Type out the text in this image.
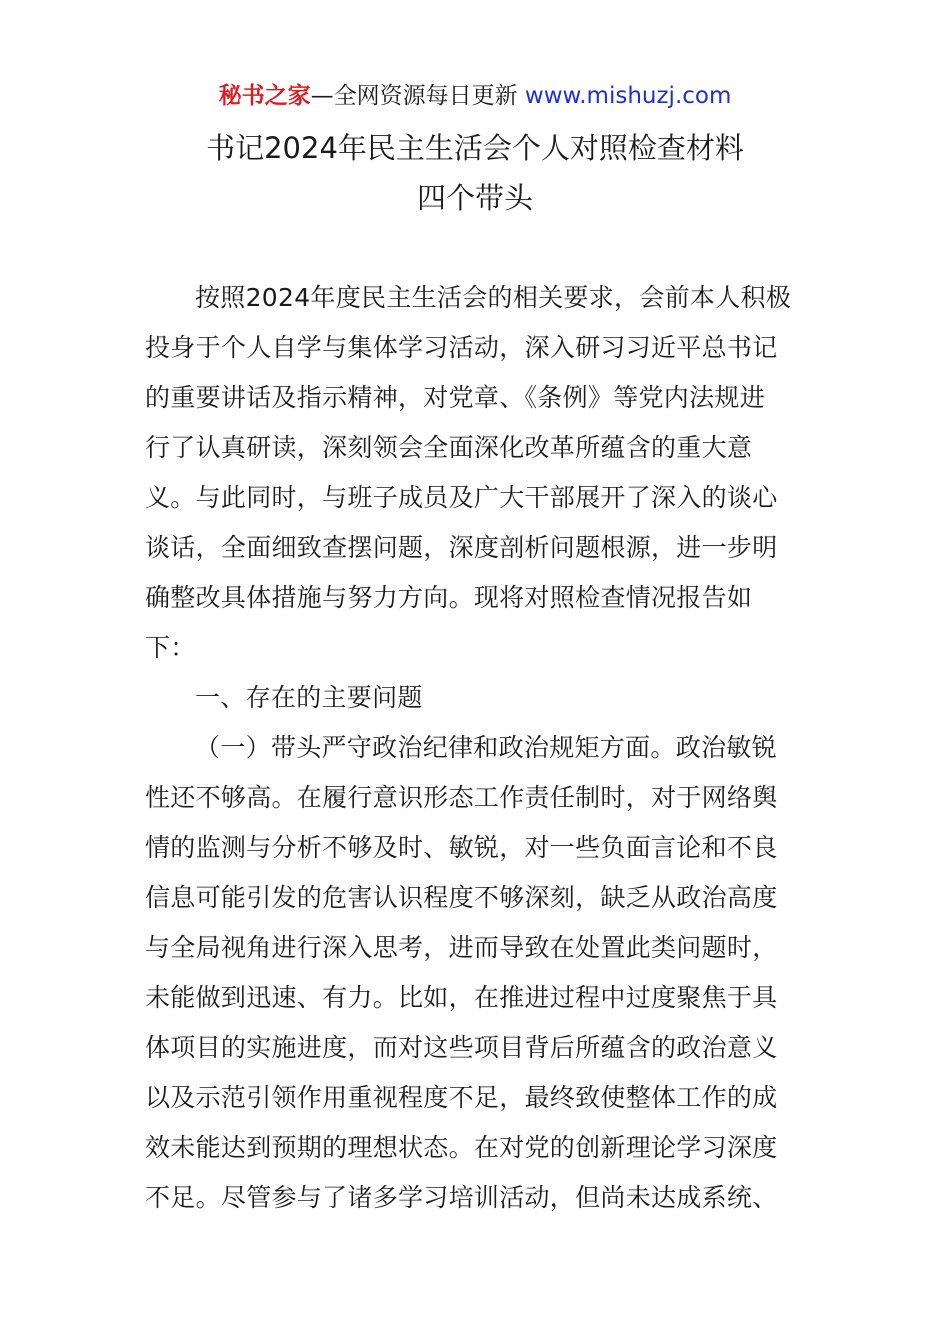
秘书之家—全网资源每日更新 www.mishuzj.com
书记2024年民主生活会个人对照检查材料
四个带头
按照2024年度民主生活会的相关要求，会前本人积极
投身于个人自学与集体学习活动，深入研习习近平总书记
的重要讲话及指示精神，对党章、《条例》等党内法规进
行了认真研读，深刻领会全面深化改革所蕴含的重大意
义。与此同时，与班子成员及广大干部展开了深入的谈心
谈话，全面细致查摆问题，深度剖析问题根源，进一步明
确整改具体措施与努力方向。现将对照检查情况报告如
下：
一、存在的主要问题
（一）带头严守政治纪律和政治规矩方面。政治敏锐
性还不够高。在履行意识形态工作责任制时，对于网络舆
情的监测与分析不够及时、敏锐，对一些负面言论和不良
信息可能引发的危害认识程度不够深刻，缺乏从政治高度
与全局视角进行深入思考，进而导致在处置此类问题时，
未能做到迅速、有力。比如，在推进过程中过度聚焦于具
体项目的实施进度，而对这些项目背后所蕴含的政治意义
以及示范引领作用重视程度不足，最终致使整体工作的成
效未能达到预期的理想状态。在对党的创新理论学习深度
不足。尽管参与了诸多学习培训活动，但尚未达成系统、
